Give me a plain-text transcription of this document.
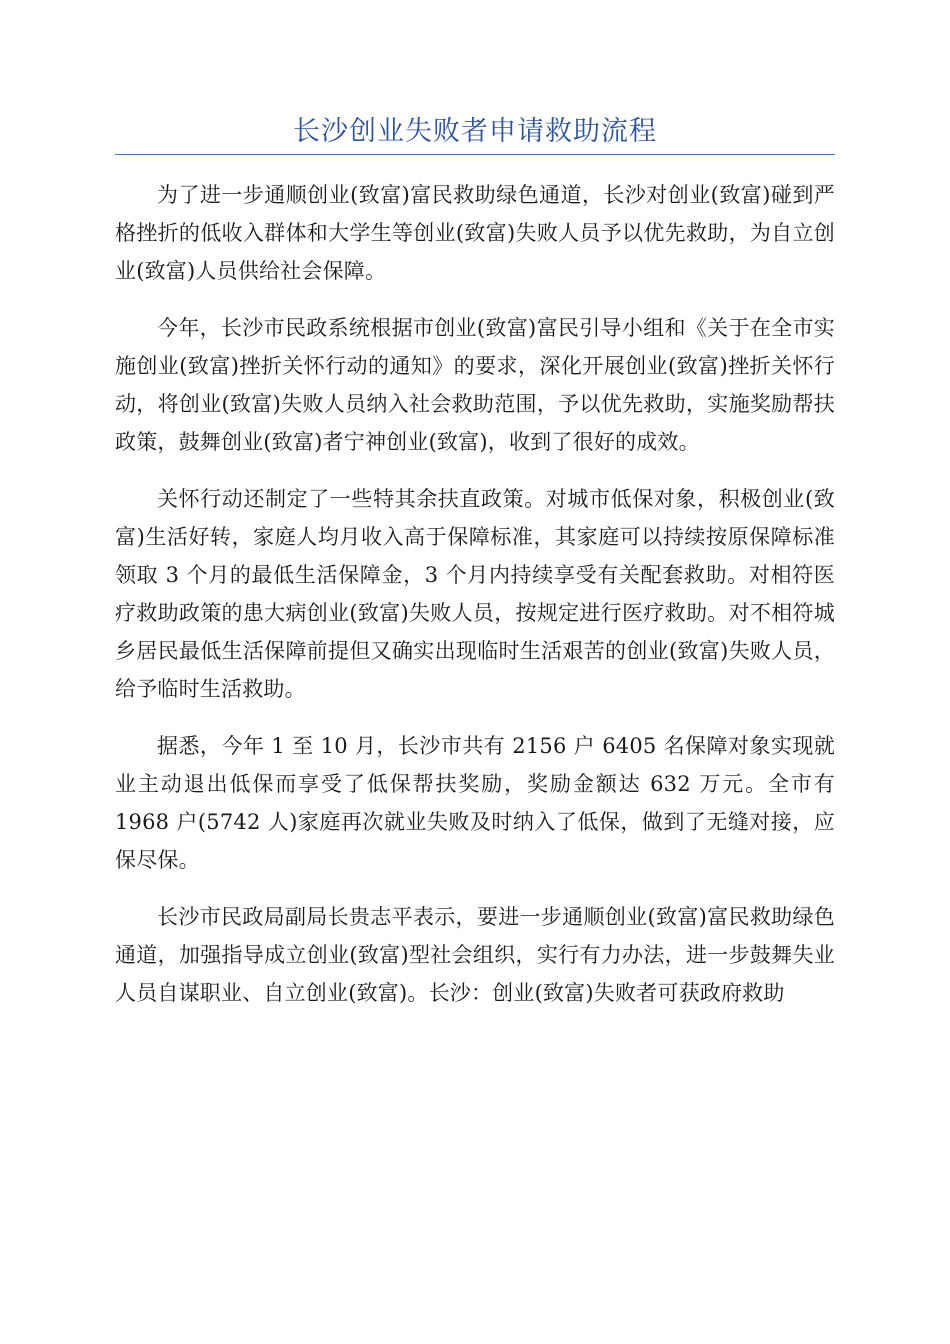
长沙创业失败者申请救助流程

为了进一步通顺创业(致富)富民救助绿色通道，长沙对创业(致富)碰到严格挫折的低收入群体和大学生等创业(致富)失败人员予以优先救助，为自立创业(致富)人员供给社会保障。

今年，长沙市民政系统根据市创业(致富)富民引导小组和《关于在全市实施创业(致富)挫折关怀行动的通知》的要求，深化开展创业(致富)挫折关怀行动，将创业(致富)失败人员纳入社会救助范围，予以优先救助，实施奖励帮扶政策，鼓舞创业(致富)者宁神创业(致富)，收到了很好的成效。

关怀行动还制定了一些特其余扶直政策。对城市低保对象，积极创业(致富)生活好转，家庭人均月收入高于保障标准，其家庭可以持续按原保障标准领取 3 个月的最低生活保障金，3 个月内持续享受有关配套救助。对相符医疗救助政策的患大病创业(致富)失败人员，按规定进行医疗救助。对不相符城乡居民最低生活保障前提但又确实出现临时生活艰苦的创业(致富)失败人员，给予临时生活救助。

据悉，今年 1 至 10 月，长沙市共有 2156 户 6405 名保障对象实现就业主动退出低保而享受了低保帮扶奖励，奖励金额达 632 万元。全市有 1968 户(5742 人)家庭再次就业失败及时纳入了低保，做到了无缝对接，应保尽保。

长沙市民政局副局长贵志平表示，要进一步通顺创业(致富)富民救助绿色通道，加强指导成立创业(致富)型社会组织，实行有力办法，进一步鼓舞失业人员自谋职业、自立创业(致富)。长沙：创业(致富)失败者可获政府救助
